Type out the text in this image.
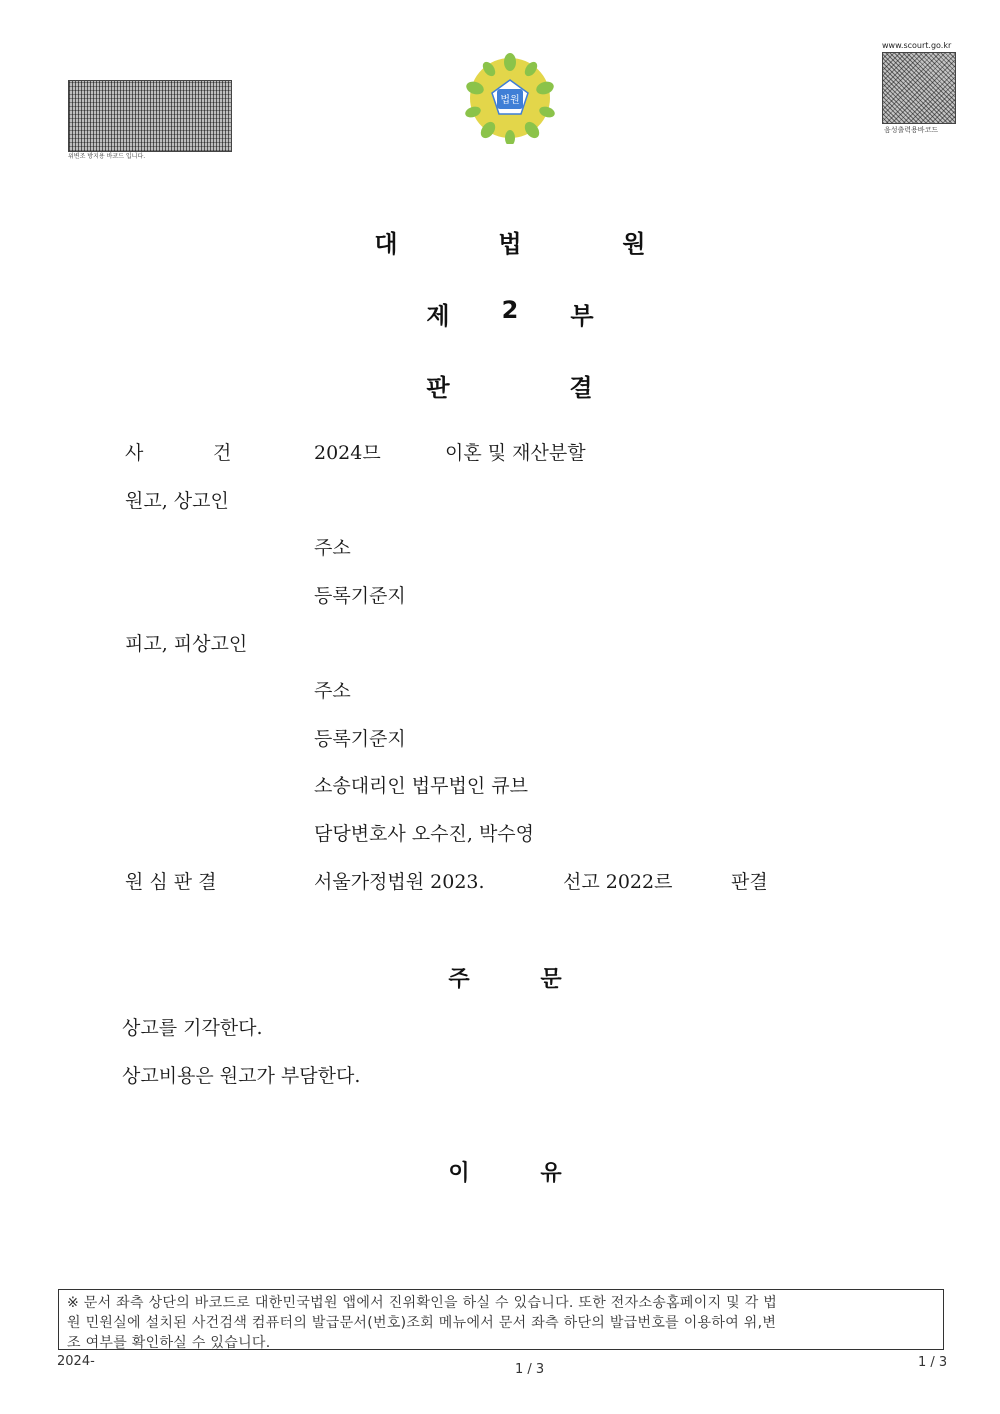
위변조 방지용 바코드 입니다.
법원
www.scourt.go.kr
음성출력용바코드
대	법	원
제 2 부
판	결
사	건	2024므	이혼 및 재산분할
원고, 상고인
주소
등록기준지
피고, 피상고인
주소
등록기준지
소송대리인 법무법인 큐브
담당변호사 오수진, 박수영
원 심 판 결	서울가정법원 2023.	선고 2022르	판결
주	문
상고를 기각한다.
상고비용은 원고가 부담한다.
이	유
※ 문서 좌측 상단의 바코드로 대한민국법원 앱에서 진위확인을 하실 수 있습니다. 또한 전자소송홈페이지 및 각 법
원 민원실에 설치된 사건검색 컴퓨터의 발급문서(번호)조회 메뉴에서 문서 좌측 하단의 발급번호를 이용하여 위,변
조 여부를 확인하실 수 있습니다.
2024-
1 / 3	1 / 3
